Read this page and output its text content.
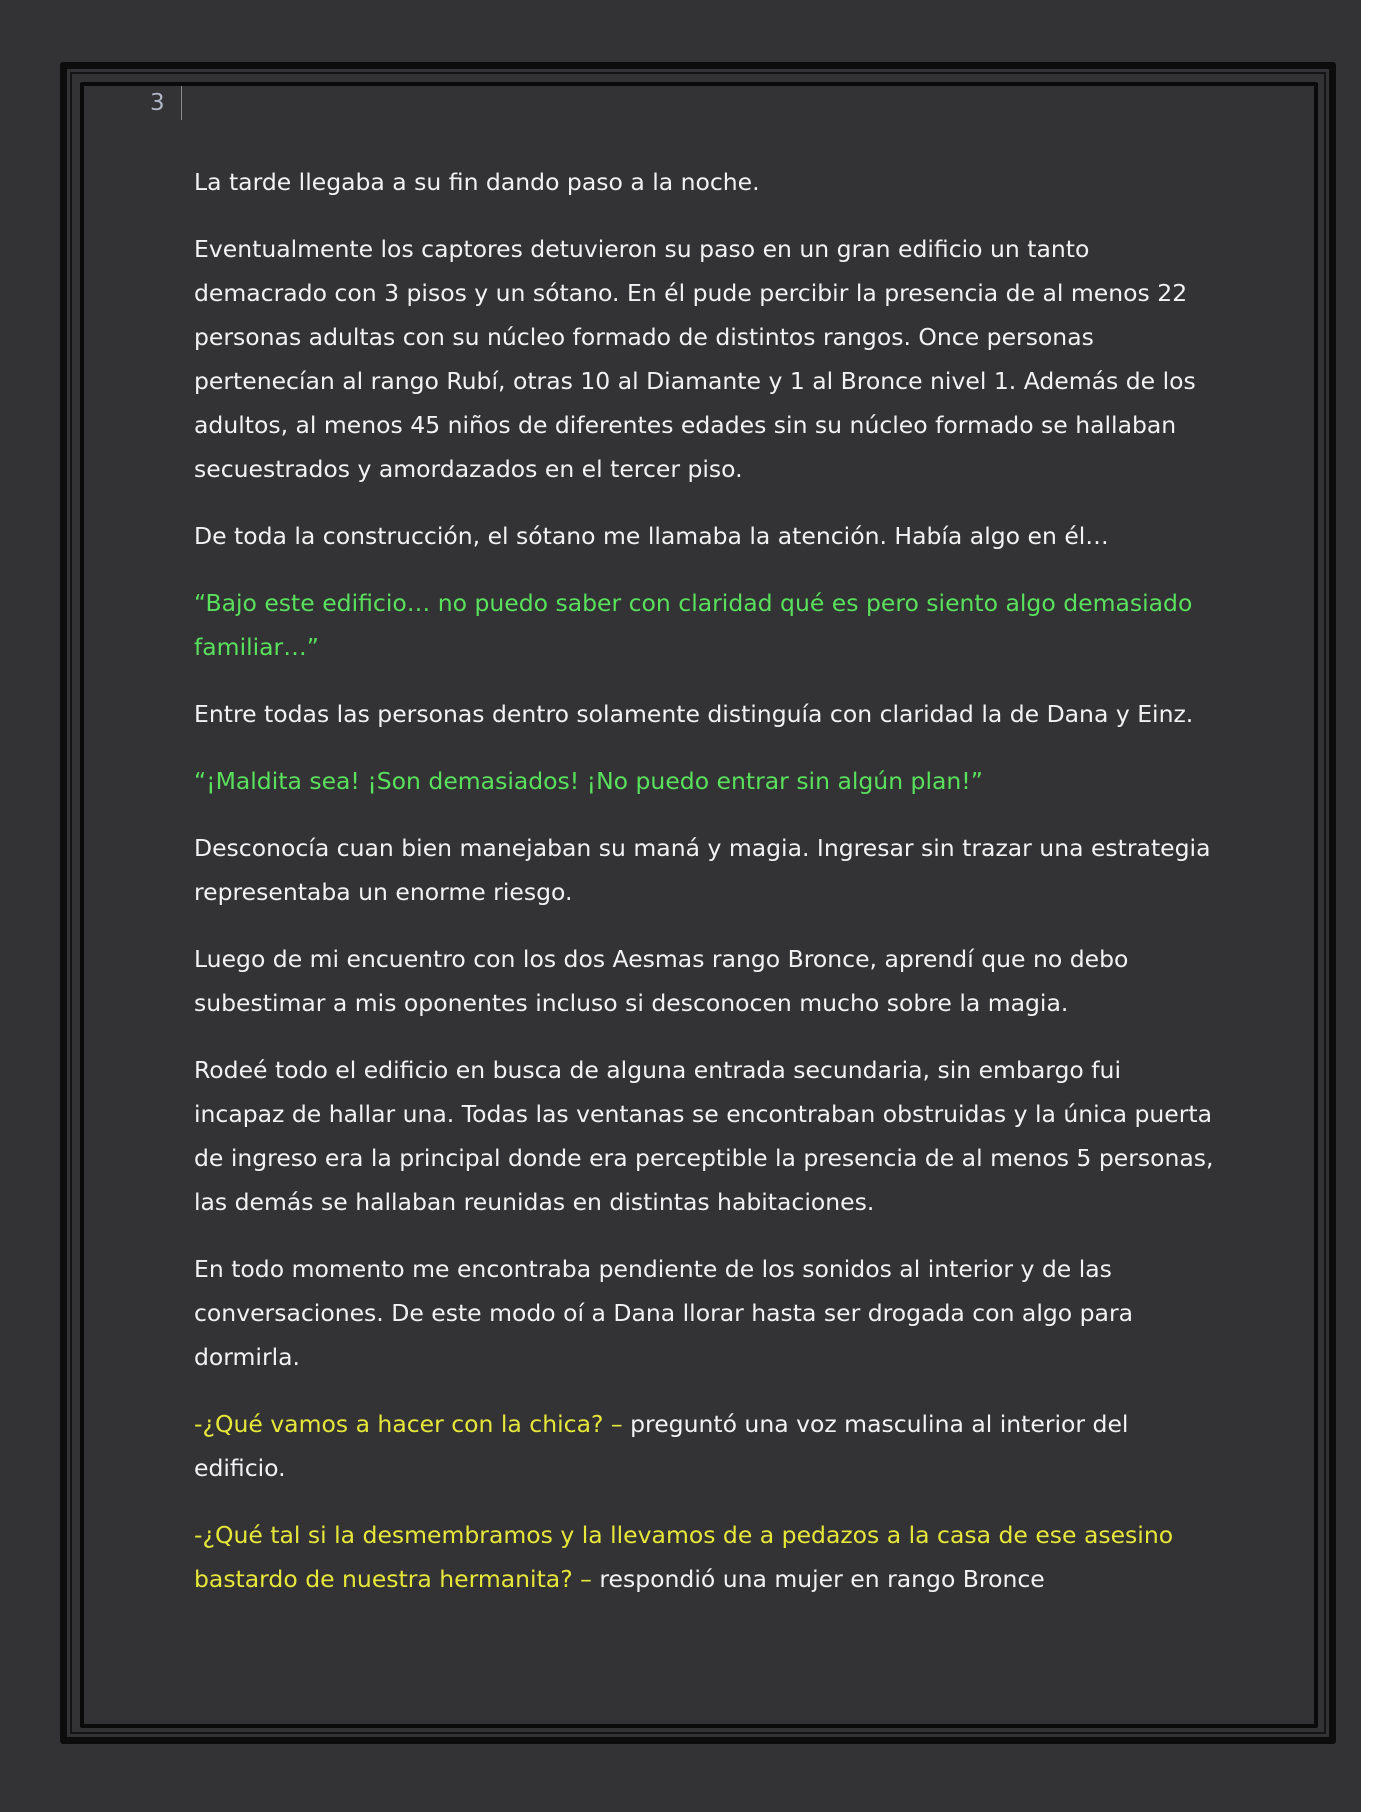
3

La tarde llegaba a su fin dando paso a la noche.

Eventualmente los captores detuvieron su paso en un gran edificio un tanto demacrado con 3 pisos y un sótano. En él pude percibir la presencia de al menos 22 personas adultas con su núcleo formado de distintos rangos. Once personas pertenecían al rango Rubí, otras 10 al Diamante y 1 al Bronce nivel 1. Además de los adultos, al menos 45 niños de diferentes edades sin su núcleo formado se hallaban secuestrados y amordazados en el tercer piso.

De toda la construcción, el sótano me llamaba la atención. Había algo en él…

“Bajo este edificio… no puedo saber con claridad qué es pero siento algo demasiado familiar…”

Entre todas las personas dentro solamente distinguía con claridad la de Dana y Einz.

“¡Maldita sea! ¡Son demasiados! ¡No puedo entrar sin algún plan!”

Desconocía cuan bien manejaban su maná y magia. Ingresar sin trazar una estrategia representaba un enorme riesgo.

Luego de mi encuentro con los dos Aesmas rango Bronce, aprendí que no debo subestimar a mis oponentes incluso si desconocen mucho sobre la magia.

Rodeé todo el edificio en busca de alguna entrada secundaria, sin embargo fui incapaz de hallar una. Todas las ventanas se encontraban obstruidas y la única puerta de ingreso era la principal donde era perceptible la presencia de al menos 5 personas, las demás se hallaban reunidas en distintas habitaciones.

En todo momento me encontraba pendiente de los sonidos al interior y de las conversaciones. De este modo oí a Dana llorar hasta ser drogada con algo para dormirla.

-¿Qué vamos a hacer con la chica? – preguntó una voz masculina al interior del edificio.

-¿Qué tal si la desmembramos y la llevamos de a pedazos a la casa de ese asesino bastardo de nuestra hermanita? – respondió una mujer en rango Bronce
